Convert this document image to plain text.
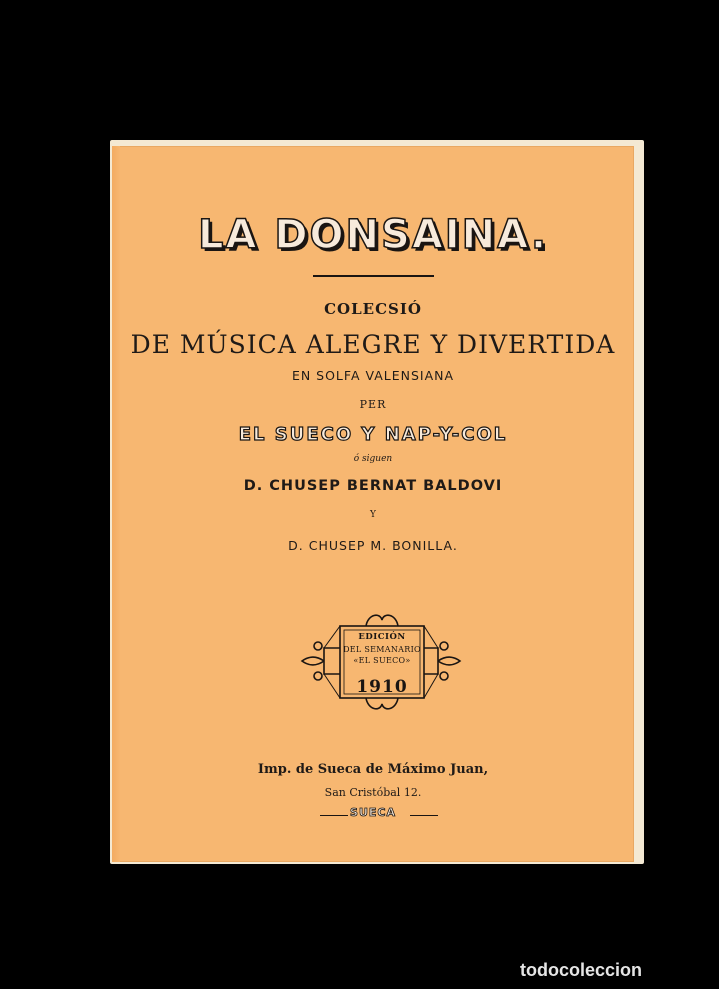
LA DONSAINA.
COLECSIÓ
DE MÚSICA ALEGRE Y DIVERTIDA
EN SOLFA VALENSIANA
PER
EL SUECO Y NAP-Y-COL
ó siguen
D. CHUSEP BERNAT BALDOVI
Y
D. CHUSEP M. BONILLA.
EDICIÓN
DEL SEMANARIO
«EL SUECO»
1910
Imp. de Sueca de Máximo Juan,
San Cristóbal 12.
SUECA
todocoleccion
